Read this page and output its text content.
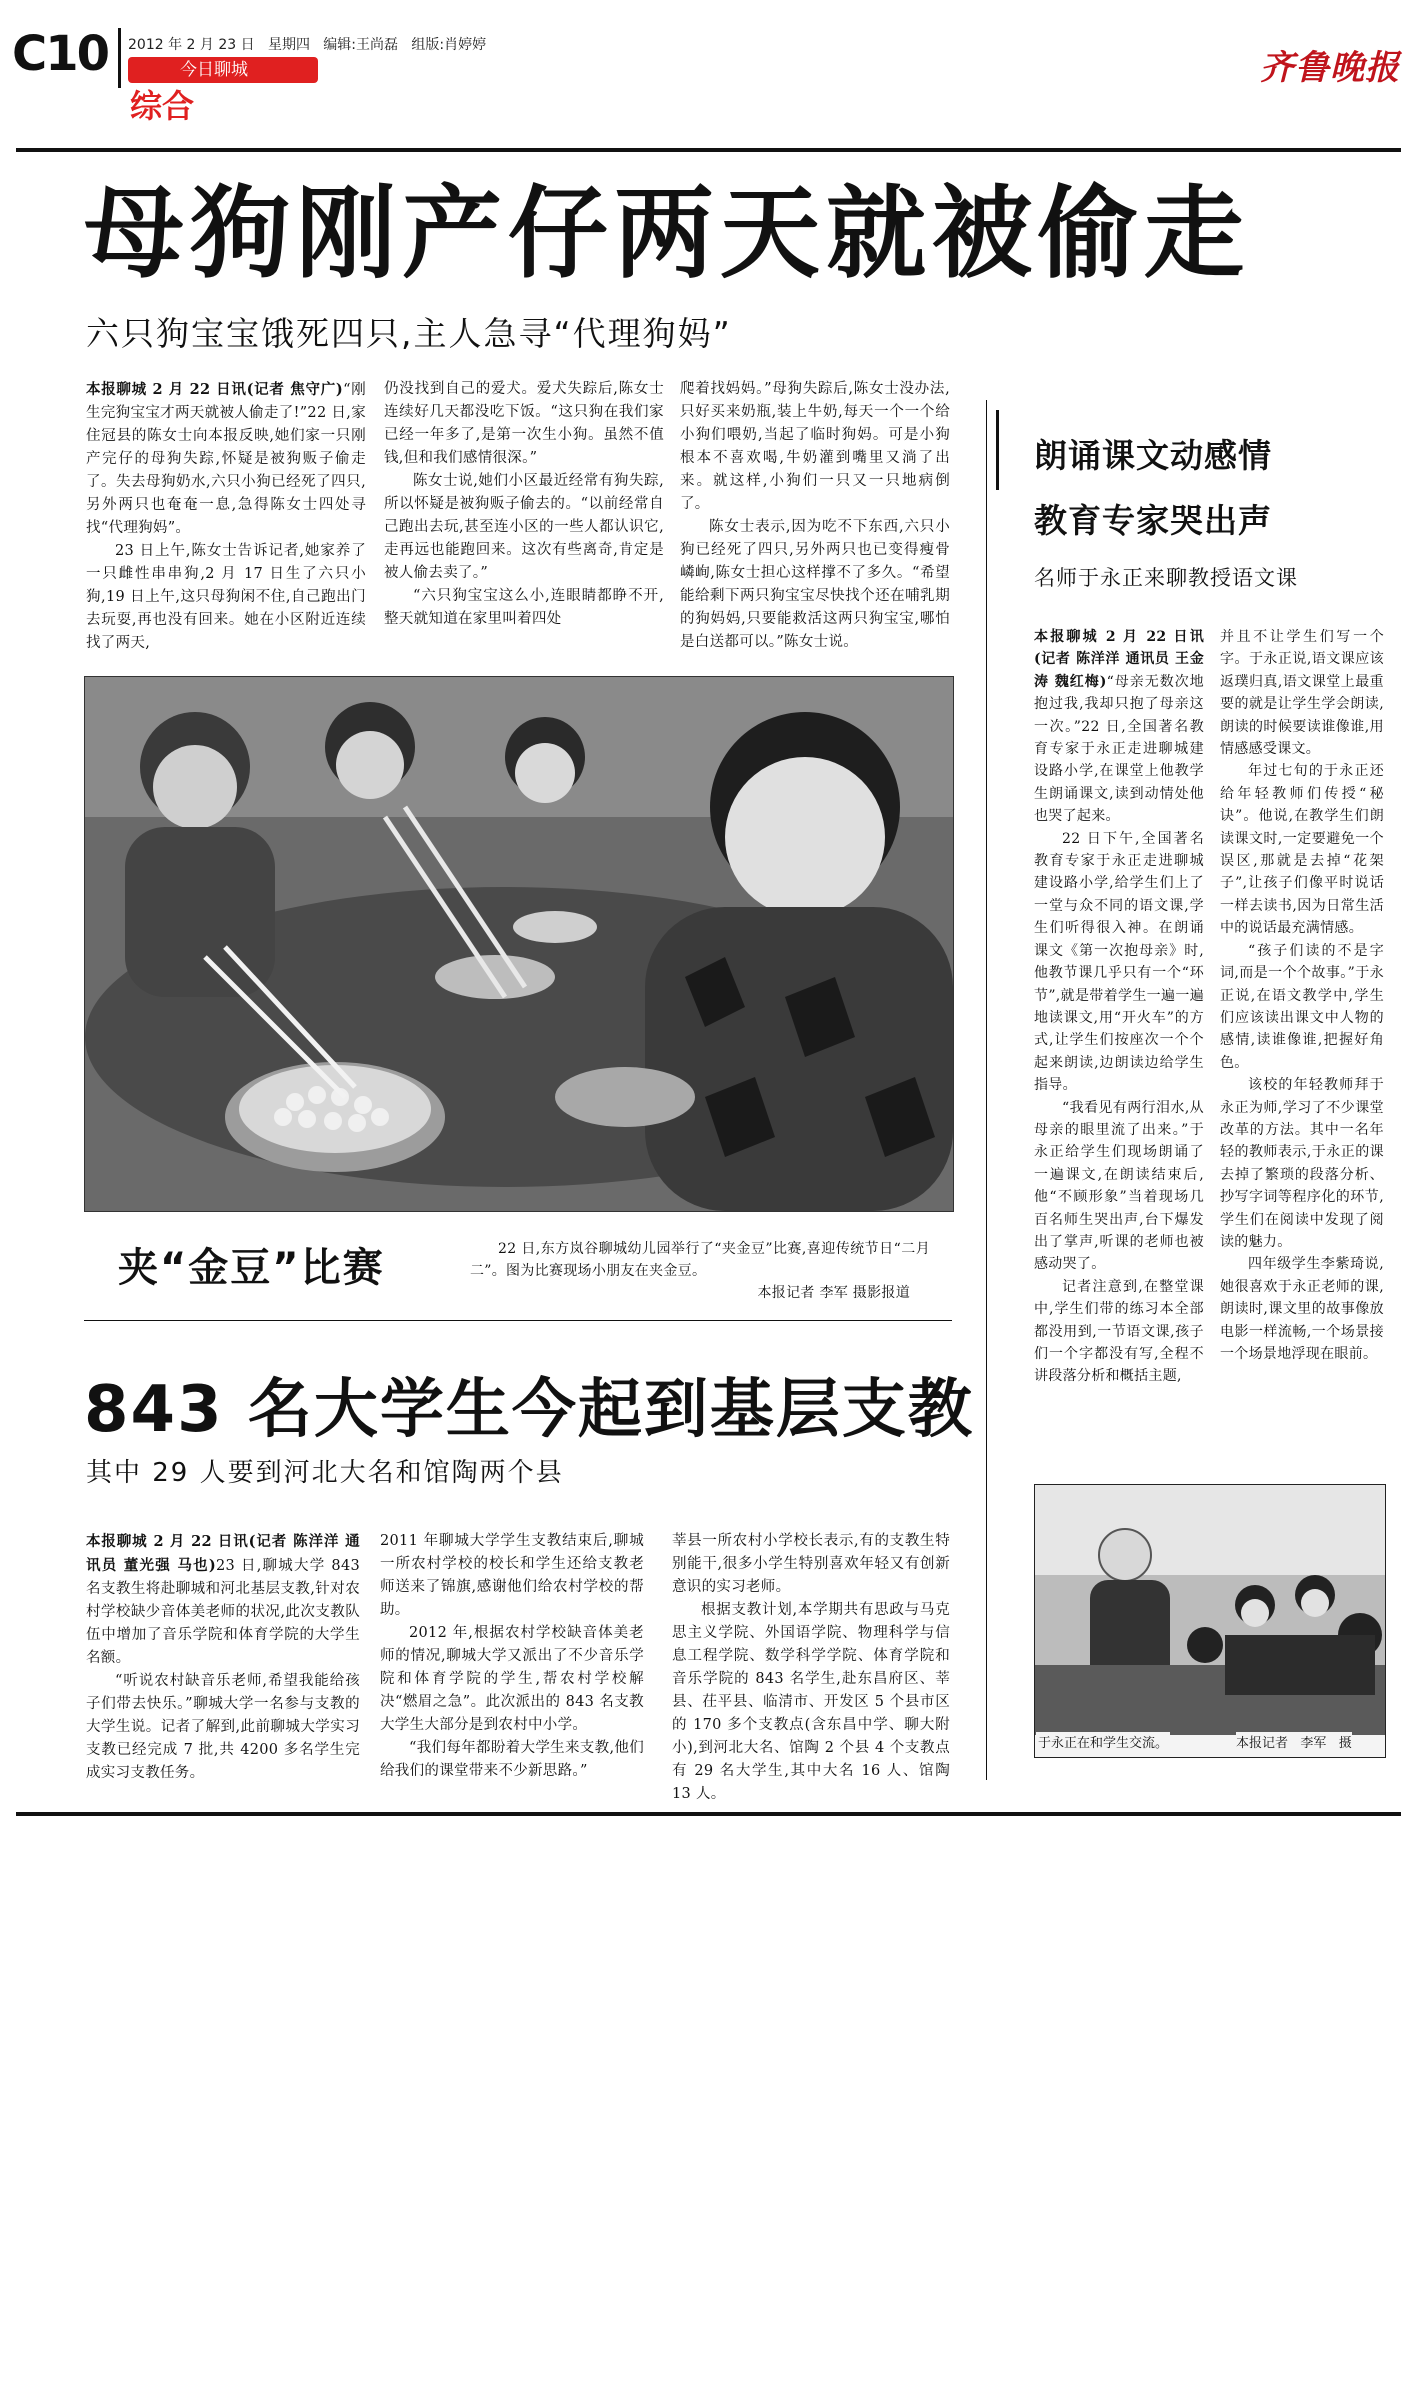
C10 2012 年 2 月 23 日   星期四   编辑:王尚磊   组版:肖婷婷
今日聊城
综合
齐鲁晚报
母狗刚产仔两天就被偷走
六只狗宝宝饿死四只,主人急寻“代理狗妈”

本报聊城 2 月 22 日讯(记者 焦守广)“刚生完狗宝宝才两天就被人偷走了!”22 日,家住冠县的陈女士向本报反映,她们家一只刚产完仔的母狗失踪,怀疑是被狗贩子偷走了。失去母狗奶水,六只小狗已经死了四只,另外两只也奄奄一息,急得陈女士四处寻找“代理狗妈”。

23 日上午,陈女士告诉记者,她家养了一只雌性串串狗,2 月 17 日生了六只小狗,19 日上午,这只母狗闲不住,自己跑出门去玩耍,再也没有回来。她在小区附近连续找了两天,

仍没找到自己的爱犬。爱犬失踪后,陈女士连续好几天都没吃下饭。“这只狗在我们家已经一年多了,是第一次生小狗。虽然不值钱,但和我们感情很深。”

陈女士说,她们小区最近经常有狗失踪,所以怀疑是被狗贩子偷去的。“以前经常自己跑出去玩,甚至连小区的一些人都认识它,走再远也能跑回来。这次有些离奇,肯定是被人偷去卖了。”

“六只狗宝宝这么小,连眼睛都睁不开,整天就知道在家里叫着四处

爬着找妈妈。”母狗失踪后,陈女士没办法,只好买来奶瓶,装上牛奶,每天一个一个给小狗们喂奶,当起了临时狗妈。可是小狗根本不喜欢喝,牛奶灌到嘴里又淌了出来。就这样,小狗们一只又一只地病倒了。

陈女士表示,因为吃不下东西,六只小狗已经死了四只,另外两只也已变得瘦骨嶙峋,陈女士担心这样撑不了多久。“希望能给剩下两只狗宝宝尽快找个还在哺乳期的狗妈妈,只要能救活这两只狗宝宝,哪怕是白送都可以。”陈女士说。

夹“金豆”比赛	22 日,东方岚谷聊城幼儿园举行了“夹金豆”比赛,喜迎传统节日“二月二”。图为比赛现场小朋友在夹金豆。

本报记者 李军 摄影报道

843 名大学生今起到基层支教
其中 29 人要到河北大名和馆陶两个县

本报聊城 2 月 22 日讯(记者 陈洋洋 通讯员 董光强 马也)23 日,聊城大学 843 名支教生将赴聊城和河北基层支教,针对农村学校缺少音体美老师的状况,此次支教队伍中增加了音乐学院和体育学院的大学生名额。

“听说农村缺音乐老师,希望我能给孩子们带去快乐。”聊城大学一名参与支教的大学生说。记者了解到,此前聊城大学实习支教已经完成 7 批,共 4200 多名学生完成实习支教任务。

2011 年聊城大学学生支教结束后,聊城一所农村学校的校长和学生还给支教老师送来了锦旗,感谢他们给农村学校的帮助。

2012 年,根据农村学校缺音体美老师的情况,聊城大学又派出了不少音乐学院和体育学院的学生,帮农村学校解决“燃眉之急”。此次派出的 843 名支教大学生大部分是到农村中小学。

“我们每年都盼着大学生来支教,他们给我们的课堂带来不少新思路。”

莘县一所农村小学校长表示,有的支教生特别能干,很多小学生特别喜欢年轻又有创新意识的实习老师。

根据支教计划,本学期共有思政与马克思主义学院、外国语学院、物理科学与信息工程学院、数学科学学院、体育学院和音乐学院的 843 名学生,赴东昌府区、莘县、茌平县、临清市、开发区 5 个县市区的 170 多个支教点(含东昌中学、聊大附小),到河北大名、馆陶 2 个县 4 个支教点有 29 名大学生,其中大名 16 人、馆陶 13 人。

朗诵课文动感情
教育专家哭出声
名师于永正来聊教授语文课

本报聊城 2 月 22 日讯(记者 陈洋洋 通讯员 王金涛 魏红梅)“母亲无数次地抱过我,我却只抱了母亲这一次。”22 日,全国著名教育专家于永正走进聊城建设路小学,在课堂上他教学生朗诵课文,读到动情处他也哭了起来。

22 日下午,全国著名教育专家于永正走进聊城建设路小学,给学生们上了一堂与众不同的语文课,学生们听得很入神。在朗诵课文《第一次抱母亲》时,他教节课几乎只有一个“环节”,就是带着学生一遍一遍地读课文,用“开火车”的方式,让学生们按座次一个个起来朗读,边朗读边给学生指导。

“我看见有两行泪水,从母亲的眼里流了出来。”于永正给学生们现场朗诵了一遍课文,在朗读结束后,他“不顾形象”当着现场几百名师生哭出声,台下爆发出了掌声,听课的老师也被感动哭了。

记者注意到,在整堂课中,学生们带的练习本全部都没用到,一节语文课,孩子们一个字都没有写,全程不讲段落分析和概括主题,

并且不让学生们写一个字。于永正说,语文课应该返璞归真,语文课堂上最重要的就是让学生学会朗读,朗读的时候要读谁像谁,用情感感受课文。

年过七旬的于永正还给年轻教师们传授“秘诀”。他说,在教学生们朗读课文时,一定要避免一个误区,那就是去掉“花架子”,让孩子们像平时说话一样去读书,因为日常生活中的说话最充满情感。

“孩子们读的不是字词,而是一个个故事。”于永正说,在语文教学中,学生们应该读出课文中人物的感情,读谁像谁,把握好角色。

该校的年轻教师拜于永正为师,学习了不少课堂改革的方法。其中一名年轻的教师表示,于永正的课去掉了繁琐的段落分析、抄写字词等程序化的环节,学生们在阅读中发现了阅读的魅力。

四年级学生李紫琦说,她很喜欢于永正老师的课,朗读时,课文里的故事像放电影一样流畅,一个场景接一个场景地浮现在眼前。

于永正在和学生交流。	本报记者   李军   摄
